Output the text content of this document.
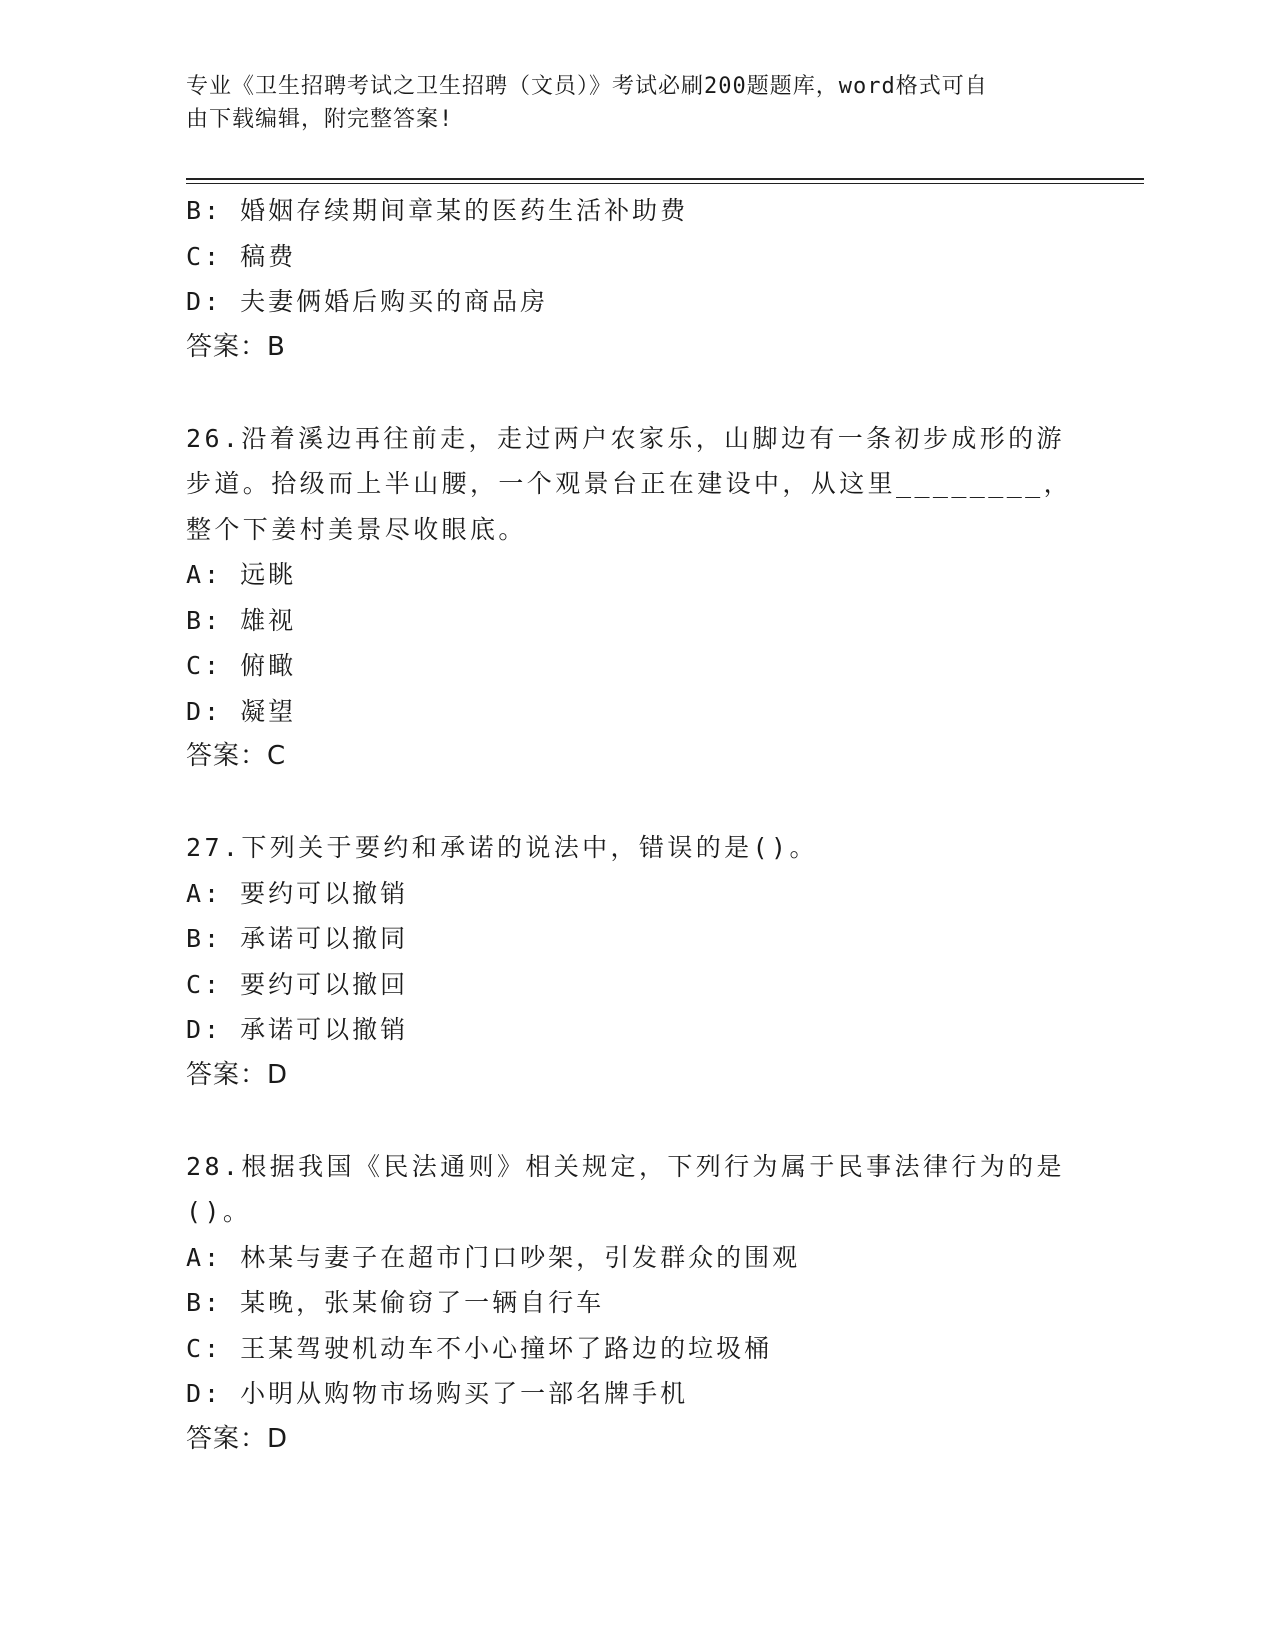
专业《卫生招聘考试之卫生招聘（文员）》考试必刷200题题库，word格式可自
由下载编辑，附完整答案!
B: 婚姻存续期间章某的医药生活补助费
C: 稿费
D: 夫妻俩婚后购买的商品房
答案：B
26.沿着溪边再往前走，走过两户农家乐，山脚边有一条初步成形的游
步道。拾级而上半山腰，一个观景台正在建设中，从这里________，
整个下姜村美景尽收眼底。
A: 远眺
B: 雄视
C: 俯瞰
D: 凝望
答案：C
27.下列关于要约和承诺的说法中，错误的是()。
A: 要约可以撤销
B: 承诺可以撤同
C: 要约可以撤回
D: 承诺可以撤销
答案：D
28.根据我国《民法通则》相关规定，下列行为属于民事法律行为的是
()。
A: 林某与妻子在超市门口吵架，引发群众的围观
B: 某晚，张某偷窃了一辆自行车
C: 王某驾驶机动车不小心撞坏了路边的垃圾桶
D: 小明从购物市场购买了一部名牌手机
答案：D
